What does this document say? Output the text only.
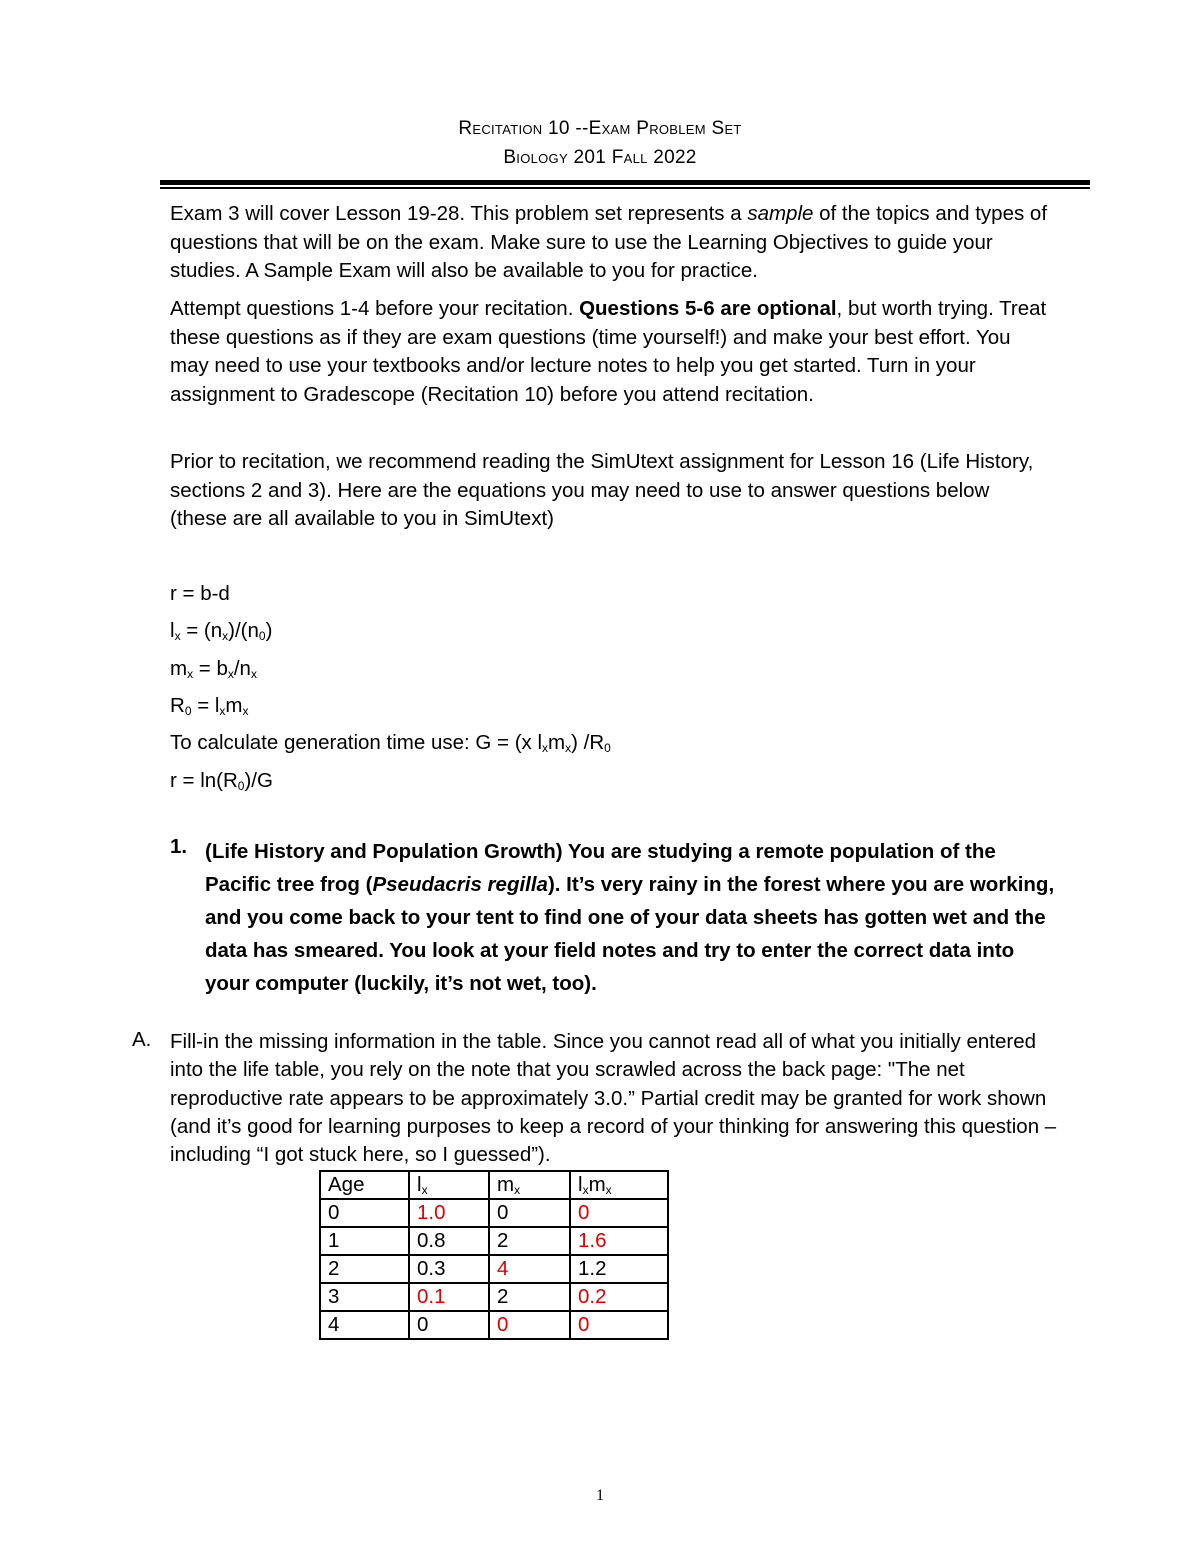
Recitation 10 --Exam Problem Set
Biology 201 Fall 2022
Exam 3 will cover Lesson 19-28. This problem set represents a sample of the topics and types of questions that will be on the exam. Make sure to use the Learning Objectives to guide your studies. A Sample Exam will also be available to you for practice.
Attempt questions 1-4 before your recitation. Questions 5-6 are optional, but worth trying. Treat these questions as if they are exam questions (time yourself!) and make your best effort. You may need to use your textbooks and/or lecture notes to help you get started. Turn in your assignment to Gradescope (Recitation 10) before you attend recitation.
Prior to recitation, we recommend reading the SimUtext assignment for Lesson 16 (Life History, sections 2 and 3). Here are the equations you may need to use to answer questions below (these are all available to you in SimUtext)
r = b-d
$l_x = (n_x)/(n_0)$
$m_x = b_x/n_x$
$R_0 = l_xm_x$
To calculate generation time use: G = (x $l_xm_x$) $/R_0$
$r = \ln(R_0)/G$
1. (Life History and Population Growth) You are studying a remote population of the Pacific tree frog (Pseudacris regilla). It’s very rainy in the forest where you are working, and you come back to your tent to find one of your data sheets has gotten wet and the data has smeared. You look at your field notes and try to enter the correct data into your computer (luckily, it’s not wet, too).
A. Fill-in the missing information in the table. Since you cannot read all of what you initially entered into the life table, you rely on the note that you scrawled across the back page: "The net reproductive rate appears to be approximately 3.0.” Partial credit may be granted for work shown (and it’s good for learning purposes to keep a record of your thinking for answering this question – including “I got stuck here, so I guessed”).
Age	$l_x$	$m_x$	$l_xm_x$
0	1.0	0	0
1	0.8	2	1.6
2	0.3	4	1.2
3	0.1	2	0.2
4	0	0	0
1
